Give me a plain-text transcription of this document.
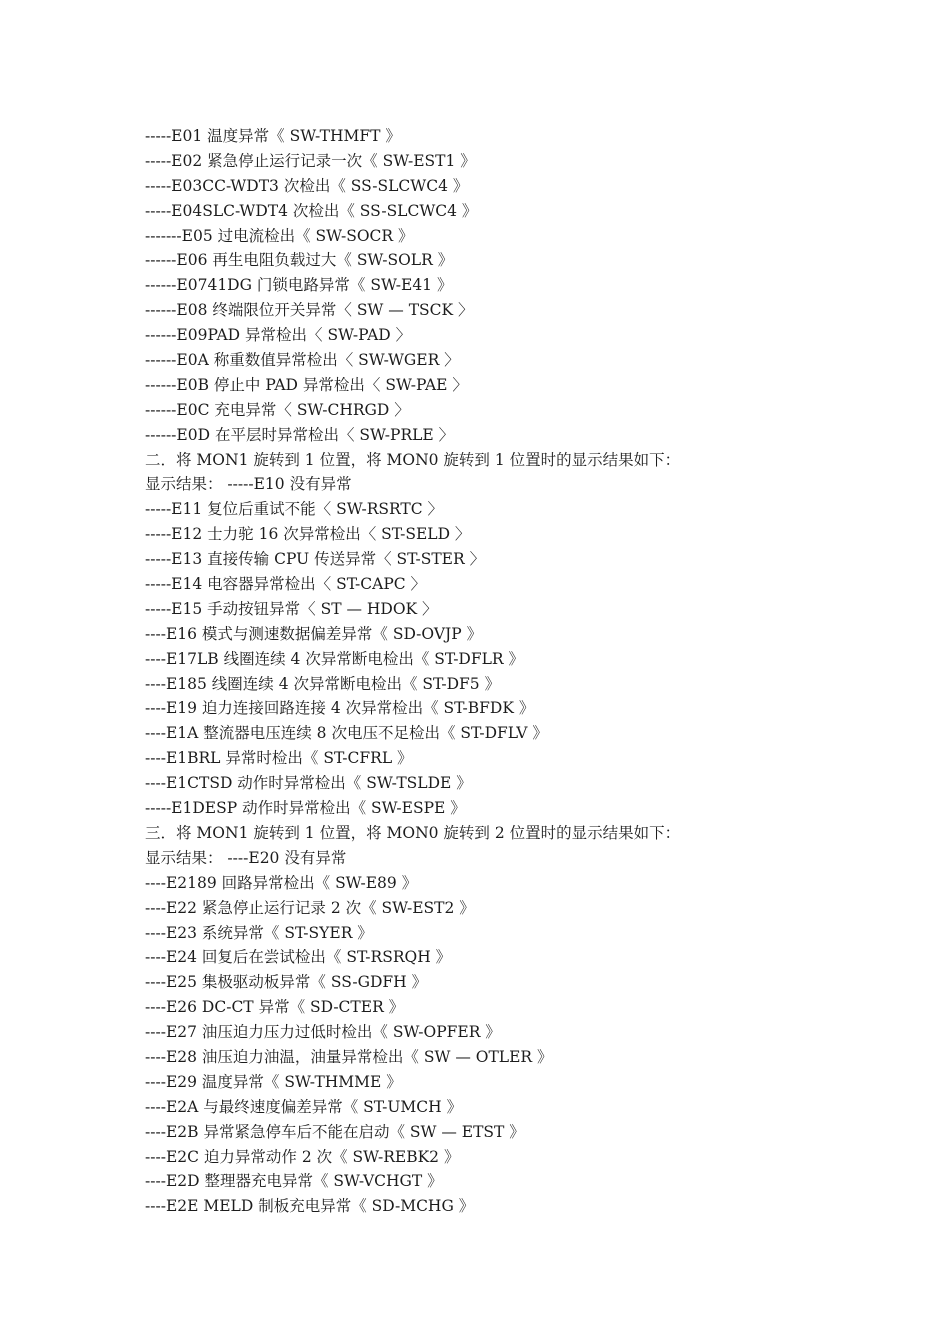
-----E01 温度异常《 SW-THMFT 》
-----E02 紧急停止运行记录一次《 SW-EST1 》
-----E03CC-WDT3 次检出《 SS-SLCWC4 》
-----E04SLC-WDT4 次检出《 SS-SLCWC4 》
-------E05 过电流检出《 SW-SOCR 》
------E06 再生电阻负载过大《 SW-SOLR 》
------E0741DG 门锁电路异常《 SW-E41 》
------E08 终端限位开关异常〈 SW — TSCK 〉
------E09PAD 异常检出〈 SW-PAD 〉
------E0A 称重数值异常检出〈 SW-WGER 〉
------E0B 停止中 PAD 异常检出〈 SW-PAE 〉
------E0C 充电异常〈 SW-CHRGD 〉
------E0D 在平层时异常检出〈 SW-PRLE 〉
二．将 MON1 旋转到 1 位置，将 MON0 旋转到 1 位置时的显示结果如下：
显示结果： -----E10 没有异常
-----E11 复位后重试不能〈 SW-RSRTC 〉
-----E12 士力驼 16 次异常检出〈 ST-SELD 〉
-----E13 直接传输 CPU 传送异常〈 ST-STER 〉
-----E14 电容器异常检出〈 ST-CAPC 〉
-----E15 手动按钮异常〈 ST — HDOK 〉
----E16 模式与测速数据偏差异常《 SD-OVJP 》
----E17LB 线圈连续 4 次异常断电检出《 ST-DFLR 》
----E185 线圈连续 4 次异常断电检出《 ST-DF5 》
----E19 迫力连接回路连接 4 次异常检出《 ST-BFDK 》
----E1A 整流器电压连续 8 次电压不足检出《 ST-DFLV 》
----E1BRL 异常时检出《 ST-CFRL 》
----E1CTSD 动作时异常检出《 SW-TSLDE 》
-----E1DESP 动作时异常检出《 SW-ESPE 》
三．将 MON1 旋转到 1 位置，将 MON0 旋转到 2 位置时的显示结果如下：
显示结果： ----E20 没有异常
----E2189 回路异常检出《 SW-E89 》
----E22 紧急停止运行记录 2 次《 SW-EST2 》
----E23 系统异常《 ST-SYER 》
----E24 回复后在尝试检出《 ST-RSRQH 》
----E25 集极驱动板异常《 SS-GDFH 》
----E26 DC-CT 异常《 SD-CTER 》
----E27 油压迫力压力过低时检出《 SW-OPFER 》
----E28 油压迫力油温，油量异常检出《 SW — OTLER 》
----E29 温度异常《 SW-THMME 》
----E2A 与最终速度偏差异常《 ST-UMCH 》
----E2B 异常紧急停车后不能在启动《 SW — ETST 》
----E2C 迫力异常动作 2 次《 SW-REBK2 》
----E2D 整理器充电异常《 SW-VCHGT 》
----E2E MELD 制板充电异常《 SD-MCHG 》
